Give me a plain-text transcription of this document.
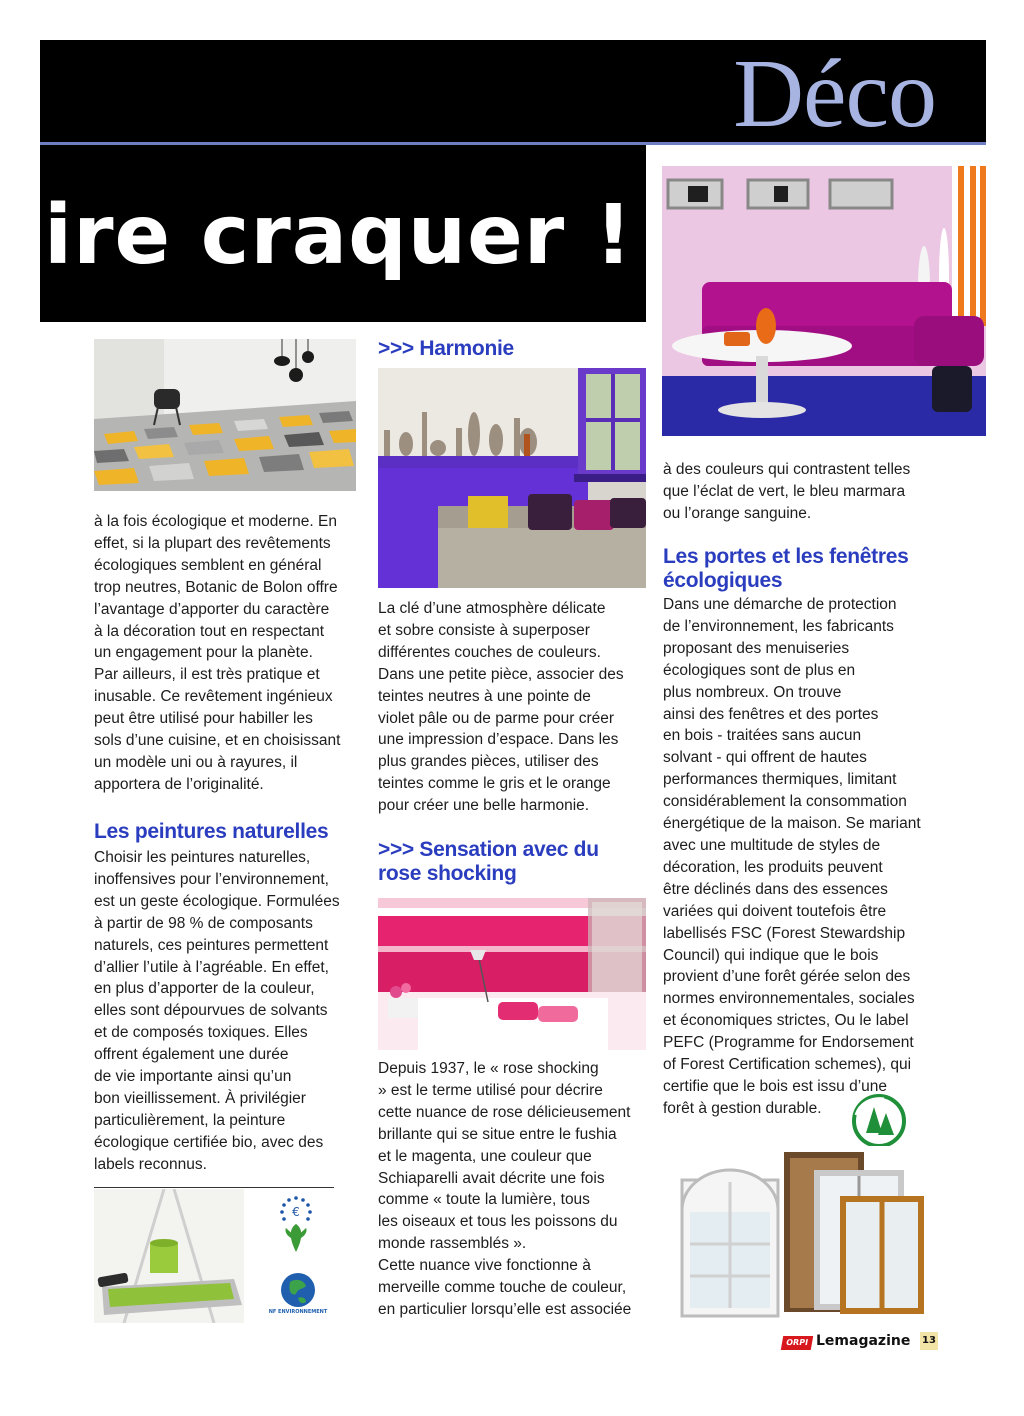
Déco
ire craquer !

à la fois écologique et moderne. En
effet, si la plupart des revêtements
écologiques semblent en général
trop neutres, Botanic de Bolon offre
l’avantage d’apporter du caractère
à la décoration tout en respectant
un engagement pour la planète.
Par ailleurs, il est très pratique et
inusable. Ce revêtement ingénieux
peut être utilisé pour habiller les
sols d’une cuisine, et en choisissant
un modèle uni ou à rayures, il
apportera de l’originalité.

Les peintures naturelles

Choisir les peintures naturelles,
inoffensives pour l’environnement,
est un geste écologique. Formulées
à partir de 98 % de composants
naturels, ces peintures permettent
d’allier l’utile à l’agréable. En effet,
en plus d’apporter de la couleur,
elles sont dépourvues de solvants
et de composés toxiques. Elles
offrent également une durée
de vie importante ainsi qu’un
bon vieillissement. À privilégier
particulièrement, la peinture
écologique certifiée bio, avec des
labels reconnus.

€
NF ENVIRONNEMENT
>>> Harmonie

La clé d’une atmosphère délicate
et sobre consiste à superposer
différentes couches de couleurs.
Dans une petite pièce, associer des
teintes neutres à une pointe de
violet pâle ou de parme pour créer
une impression d’espace. Dans les
plus grandes pièces, utiliser des
teintes comme le gris et le orange
pour créer une belle harmonie.

>>> Sensation avec du
rose shocking

Depuis 1937, le « rose shocking
» est le terme utilisé pour décrire
cette nuance de rose délicieusement
brillante qui se situe entre le fushia
et le magenta, une couleur que
Schiaparelli avait décrite une fois
comme « toute la lumière, tous
les oiseaux et tous les poissons du
monde rassemblés ».
Cette nuance vive fonctionne à
merveille comme touche de couleur,
en particulier lorsqu’elle est associée

à des couleurs qui contrastent telles
que l’éclat de vert, le bleu marmara
ou l’orange sanguine.

Les portes et les fenêtres
écologiques

Dans une démarche de protection
de l’environnement, les fabricants
proposant des menuiseries
écologiques sont de plus en
plus nombreux. On trouve
ainsi des fenêtres et des portes
en bois - traitées sans aucun
solvant - qui offrent de hautes
performances thermiques, limitant
considérablement la consommation
énergétique de la maison. Se mariant
avec une multitude de styles de
décoration, les produits peuvent
être déclinés dans des essences
variées qui doivent toutefois être
labellisés FSC (Forest Stewardship
Council) qui indique que le bois
provient d’une forêt gérée selon des
normes environnementales, sociales
et économiques strictes, Ou le label
PEFC (Programme for Endorsement
of Forest Certification schemes), qui
certifie que le bois est issu d’une
forêt à gestion durable.

ORPI Lemagazine 13
